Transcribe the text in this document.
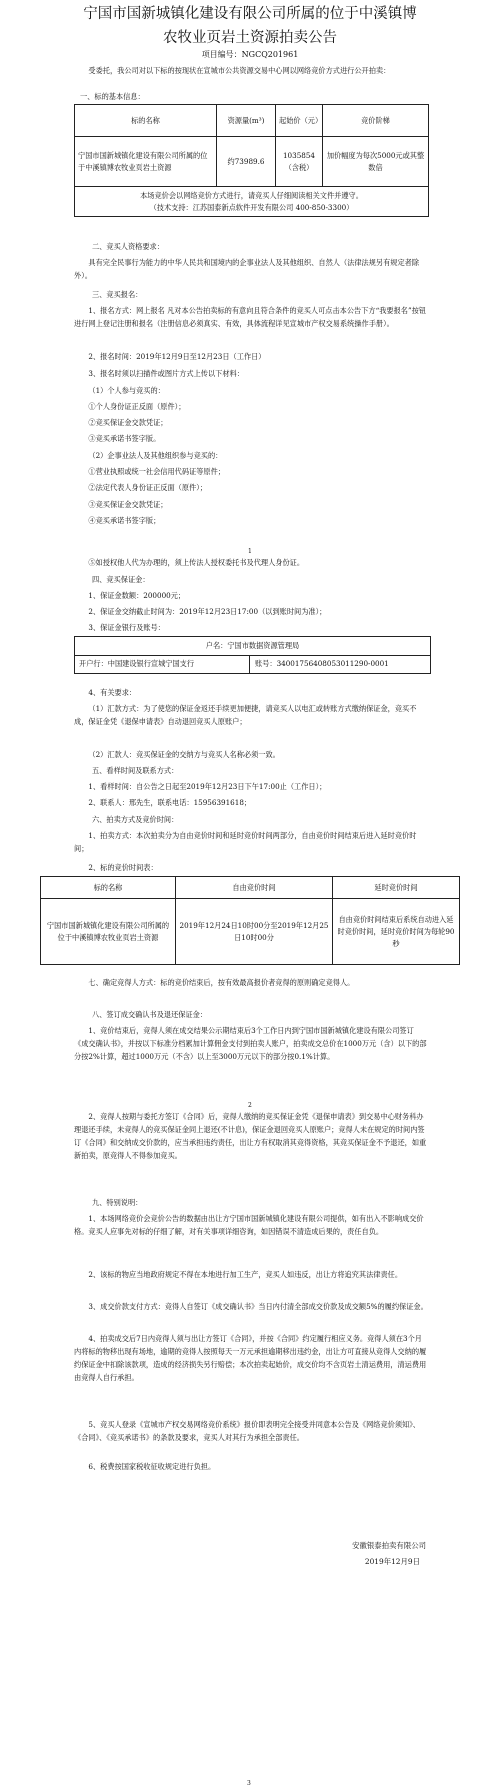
宁国市国新城镇化建设有限公司所属的位于中溪镇博
农牧业页岩土资源拍卖公告
项目编号：NGCQ201961
受委托，我公司对以下标的按现状在宣城市公共资源交易中心网以网络竞价方式进行公开拍卖：
一、标的基本信息：
标的名称	资源量(m³)	起始价（元）	竞价阶梯
宁国市国新城镇化建设有限公司所属的位于中溪镇博农牧业页岩土资源	约73989.6	1035854（含税）	加价幅度为每次5000元或其整数倍

本场竞价会以网络竞价方式进行，请竞买人仔细阅读相关文件并遵守。
（技术支持：江苏国泰新点软件开发有限公司 400-850-3300）			
二、竞买人资格要求：
具有完全民事行为能力的中华人民共和国境内的企事业法人及其他组织、自然人（法律法规另有规定者除外）。
三、竞买报名：
1、报名方式：网上报名 凡对本公告拍卖标的有意向且符合条件的竞买人可点击本公告下方“我要报名”按钮进行网上登记注册和报名（注册信息必须真实、有效，具体流程详见宣城市产权交易系统操作手册）。
2、报名时间：2019年12月9日至12月23日（工作日）
3、报名时须以扫描件或图片方式上传以下材料：
（1）个人参与竞买的：
①个人身份证正反面（原件）；
②竞买保证金交款凭证；
③竞买承诺书签字版。
（2）企事业法人及其他组织参与竞买的：
①营业执照或统一社会信用代码证等原件；
②法定代表人身份证正反面（原件）；
③竞买保证金交款凭证；
④竞买承诺书签字版；
1
⑤如授权他人代为办理的，须上传法人授权委托书及代理人身份证。
四、竞买保证金：
1、保证金数额：200000元；
2、保证金交纳截止时间为：2019年12月23日17:00（以到账时间为准）；
3、保证金银行及账号：
户名：宁国市数据资源管理局
开户行：中国建设银行宣城宁国支行	账号：34001756408053011290-0001
4、有关要求：
（1）汇款方式：为了使您的保证金返还手续更加便捷，请竞买人以电汇或转账方式缴纳保证金，竞买不成，保证金凭《退保申请表》自动退回竞买人原账户；
（2）汇款人：竞买保证金的交纳方与竞买人名称必须一致。
五、看样时间及联系方式：
1、看样时间：自公告之日起至2019年12月23日下午17:00止（工作日）；
2、联系人：邢先生，联系电话：15956391618；
六、拍卖方式及竞价时间：
1、拍卖方式：本次拍卖分为自由竞价时间和延时竞价时间两部分，自由竞价时间结束后进入延时竞价时间；
2、标的竞价时间表：
标的名称	自由竞价时间	延时竞价时间
宁国市国新城镇化建设有限公司所属的位于中溪镇博农牧业页岩土资源	2019年12月24日10时00分至2019年12月25日10时00分	自由竞价时间结束后系统自动进入延时竞价时间，延时竞价时间为每轮90秒
七、确定竞得人方式：标的竞价结束后，按有效最高报价者竞得的原则确定竞得人。
八、签订成交确认书及退还保证金：
1、竞价结束后，竞得人须在成交结果公示期结束后3个工作日内到宁国市国新城镇化建设有限公司签订《成交确认书》，并按以下标准分档累加计算佣金支付到拍卖人账户，拍卖成交总价在1000万元（含）以下的部分按2%计算，超过1000万元（不含）以上至3000万元以下的部分按0.1%计算。
2
2、竞得人按期与委托方签订《合同》后，竞得人缴纳的竞买保证金凭《退保申请表》到交易中心财务科办理退还手续，未竞得人的竞买保证金同上退还(不计息)，保证金退回竞买人原账户；竞得人未在规定的时间内签订《合同》和交纳成交价款的，应当承担违约责任，出让方有权取消其竞得资格，其竞买保证金不予退还，如重新拍卖，原竞得人不得参加竞买。
九、特别说明：
1、本场网络竞价会竞价公告的数据由出让方宁国市国新城镇化建设有限公司提供，如有出入不影响成交价格。竞买人应事先对标的仔细了解，对有关事项详细咨询，如因错误不清造成后果的，责任自负。
2、该标的物应当地政府规定不得在本地进行加工生产，竞买人如违反，出让方将追究其法律责任。
3、成交价款支付方式：竞得人自签订《成交确认书》当日内付清全部成交价款及成交额5%的履约保证金。
4、拍卖成交后7日内竞得人须与出让方签订《合同》，并按《合同》约定履行相应义务。竞得人须在3个月内将标的物移出现有场地，逾期的竞得人按照每天一万元承担逾期移出违约金，出让方可直接从竞得人交纳的履约保证金中扣除该款项，造成的经济损失另行赔偿；本次拍卖起始价，成交价均不含页岩土清运费用，清运费用由竞得人自行承担。
5、竞买人登录《宣城市产权交易网络竞价系统》报价即表明完全接受并同意本公告及《网络竞价须知》、《合同》、《竞买承诺书》的条款及要求，竞买人对其行为承担全部责任。
6、税费按国家税收征收规定进行负担。
安徽银泰拍卖有限公司
2019年12月9日
3
